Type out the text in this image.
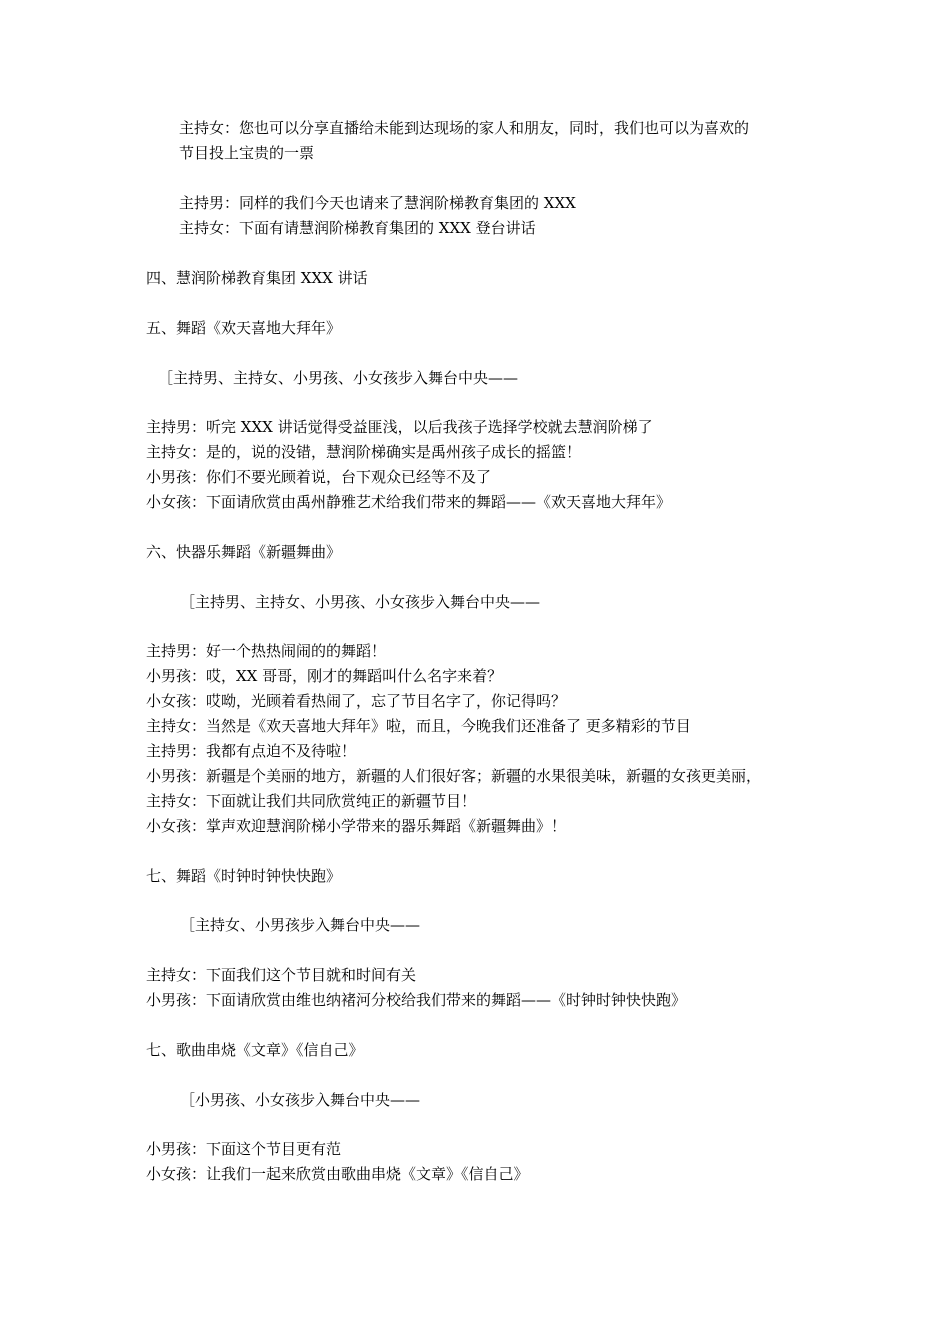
主持女：您也可以分享直播给未能到达现场的家人和朋友，同时，我们也可以为喜欢的
节目投上宝贵的一票
主持男：同样的我们今天也请来了慧润阶梯教育集团的 XXX
主持女：下面有请慧润阶梯教育集团的 XXX 登台讲话
四、慧润阶梯教育集团 XXX 讲话
五、舞蹈《欢天喜地大拜年》
［主持男、主持女、小男孩、小女孩步入舞台中央——
主持男：听完 XXX 讲话觉得受益匪浅，以后我孩子选择学校就去慧润阶梯了
主持女：是的，说的没错，慧润阶梯确实是禹州孩子成长的摇篮！
小男孩：你们不要光顾着说，台下观众已经等不及了
小女孩：下面请欣赏由禹州静雅艺术给我们带来的舞蹈——《欢天喜地大拜年》
六、快器乐舞蹈《新疆舞曲》
［主持男、主持女、小男孩、小女孩步入舞台中央——
主持男：好一个热热闹闹的的舞蹈！
小男孩：哎，XX 哥哥，刚才的舞蹈叫什么名字来着？
小女孩：哎呦，光顾着看热闹了，忘了节目名字了，你记得吗？
主持女：当然是《欢天喜地大拜年》啦，而且，今晚我们还准备了 更多精彩的节目
主持男：我都有点迫不及待啦！
小男孩：新疆是个美丽的地方，新疆的人们很好客；新疆的水果很美味，新疆的女孩更美丽，
主持女：下面就让我们共同欣赏纯正的新疆节目！
小女孩：掌声欢迎慧润阶梯小学带来的器乐舞蹈《新疆舞曲》！
七、舞蹈《时钟时钟快快跑》
［主持女、小男孩步入舞台中央——
主持女：下面我们这个节目就和时间有关
小男孩：下面请欣赏由维也纳褚河分校给我们带来的舞蹈——《时钟时钟快快跑》
七、歌曲串烧《文章》《信自己》
［小男孩、小女孩步入舞台中央——
小男孩：下面这个节目更有范
小女孩：让我们一起来欣赏由歌曲串烧《文章》《信自己》
